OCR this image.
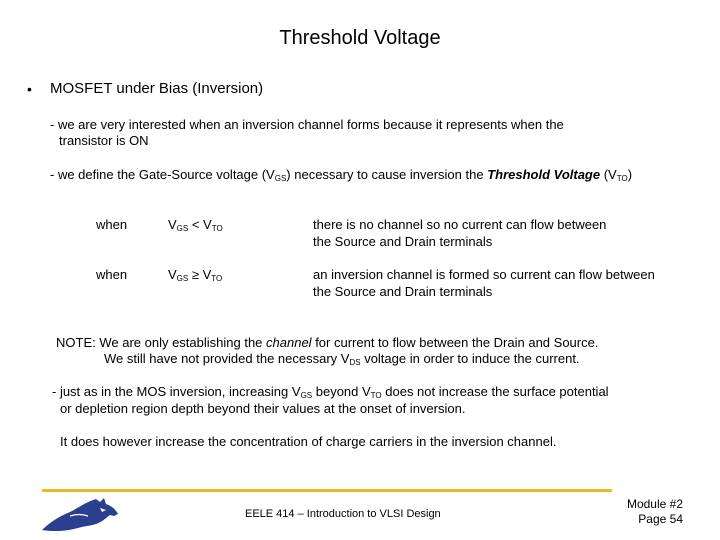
Threshold Voltage
• MOSFET under Bias (Inversion)
- we are very interested when an inversion channel forms because it represents when the
transistor is ON
- we define the Gate-Source voltage $(V_{GS})$ necessary to cause inversion the Threshold Voltage $(V_{TO})$
when	$V_{GS} < V_{TO}$	there is no channel so no current can flow between
the Source and Drain terminals
when	$V_{GS} \ge V_{TO}$	an inversion channel is formed so current can flow between
the Source and Drain terminals
NOTE: We are only establishing the channel for current to flow between the Drain and Source.
We still have not provided the necessary $V_{DS}$ voltage in order to induce the current.
- just as in the MOS inversion, increasing $V_{GS}$ beyond $V_{TO}$ does not increase the surface potential
or depletion region depth beyond their values at the onset of inversion.
It does however increase the concentration of charge carriers in the inversion channel.
EELE 414 – Introduction to VLSI Design
Module #2
Page 54
